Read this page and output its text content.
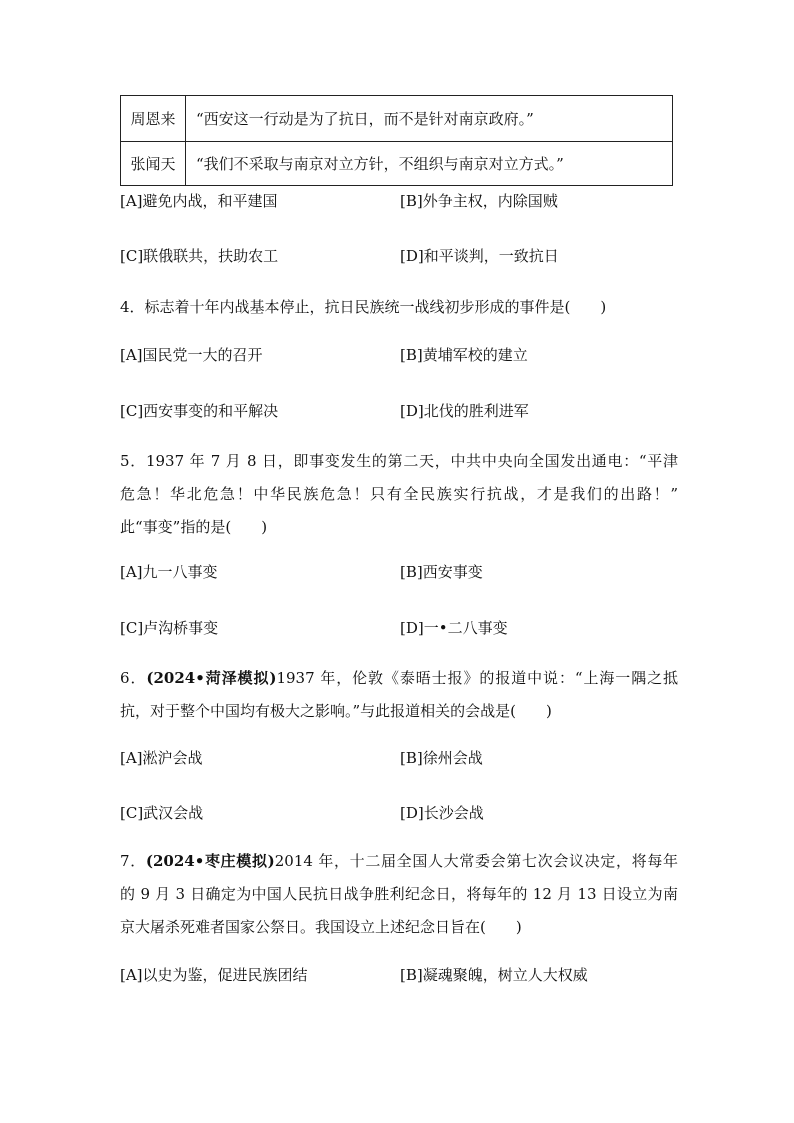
周恩来	“西安这一行动是为了抗日，而不是针对南京政府。”
张闻天	“我们不采取与南京对立方针，不组织与南京对立方式。”
[A]避免内战，和平建国	[B]外争主权，内除国贼
[C]联俄联共，扶助农工	[D]和平谈判，一致抗日
4．标志着十年内战基本停止，抗日民族统一战线初步形成的事件是(　　)
[A]国民党一大的召开	[B]黄埔军校的建立
[C]西安事变的和平解决	[D]北伐的胜利进军
5．1937 年 7 月 8 日，即事变发生的第二天，中共中央向全国发出通电：“平津
危急！华北危急！中华民族危急！只有全民族实行抗战，才是我们的出路！”
此“事变”指的是(　　)
[A]九一八事变	[B]西安事变
[C]卢沟桥事变	[D]一•二八事变
6．(2024•菏泽模拟)1937 年，伦敦《泰晤士报》的报道中说：“上海一隅之抵
抗，对于整个中国均有极大之影响。”与此报道相关的会战是(　　)
[A]淞沪会战	[B]徐州会战
[C]武汉会战	[D]长沙会战
7．(2024•枣庄模拟)2014 年，十二届全国人大常委会第七次会议决定，将每年
的 9 月 3 日确定为中国人民抗日战争胜利纪念日，将每年的 12 月 13 日设立为南
京大屠杀死难者国家公祭日。我国设立上述纪念日旨在(　　)
[A]以史为鉴，促进民族团结	[B]凝魂聚魄，树立人大权威
